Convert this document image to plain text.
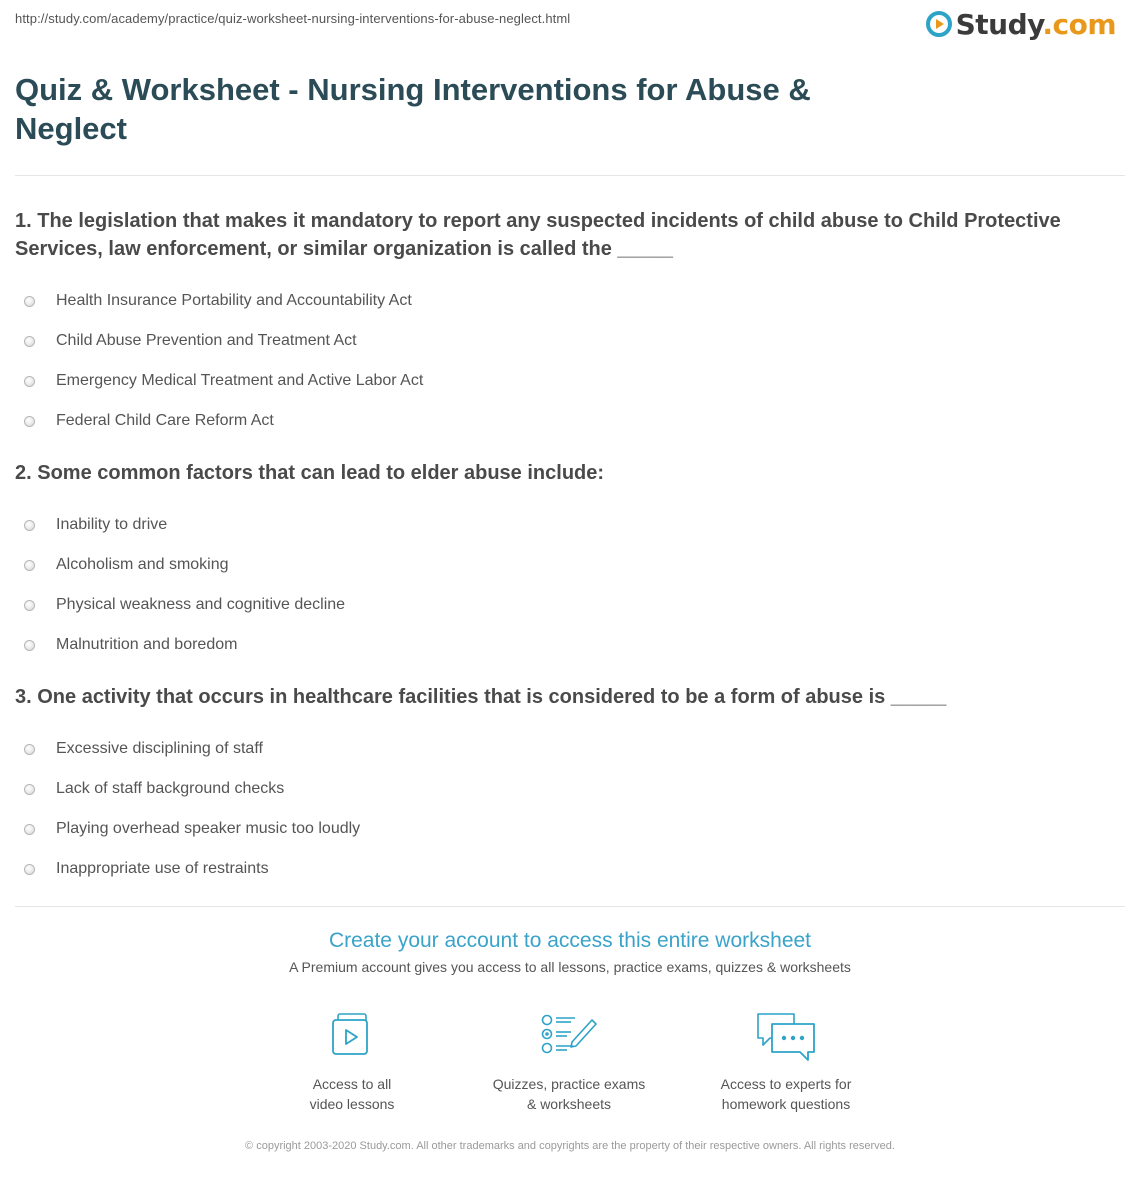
http://study.com/academy/practice/quiz-worksheet-nursing-interventions-for-abuse-neglect.html	Study.com
Quiz & Worksheet - Nursing Interventions for Abuse & Neglect
1. The legislation that makes it mandatory to report any suspected incidents of child abuse to Child Protective Services, law enforcement, or similar organization is called the _____
Health Insurance Portability and Accountability Act
Child Abuse Prevention and Treatment Act
Emergency Medical Treatment and Active Labor Act
Federal Child Care Reform Act
2. Some common factors that can lead to elder abuse include:
Inability to drive
Alcoholism and smoking
Physical weakness and cognitive decline
Malnutrition and boredom
3. One activity that occurs in healthcare facilities that is considered to be a form of abuse is _____
Excessive disciplining of staff
Lack of staff background checks
Playing overhead speaker music too loudly
Inappropriate use of restraints
Create your account to access this entire worksheet
A Premium account gives you access to all lessons, practice exams, quizzes & worksheets
Access to all
video lessons
Quizzes, practice exams
& worksheets
Access to experts for
homework questions
© copyright 2003-2020 Study.com. All other trademarks and copyrights are the property of their respective owners. All rights reserved.
